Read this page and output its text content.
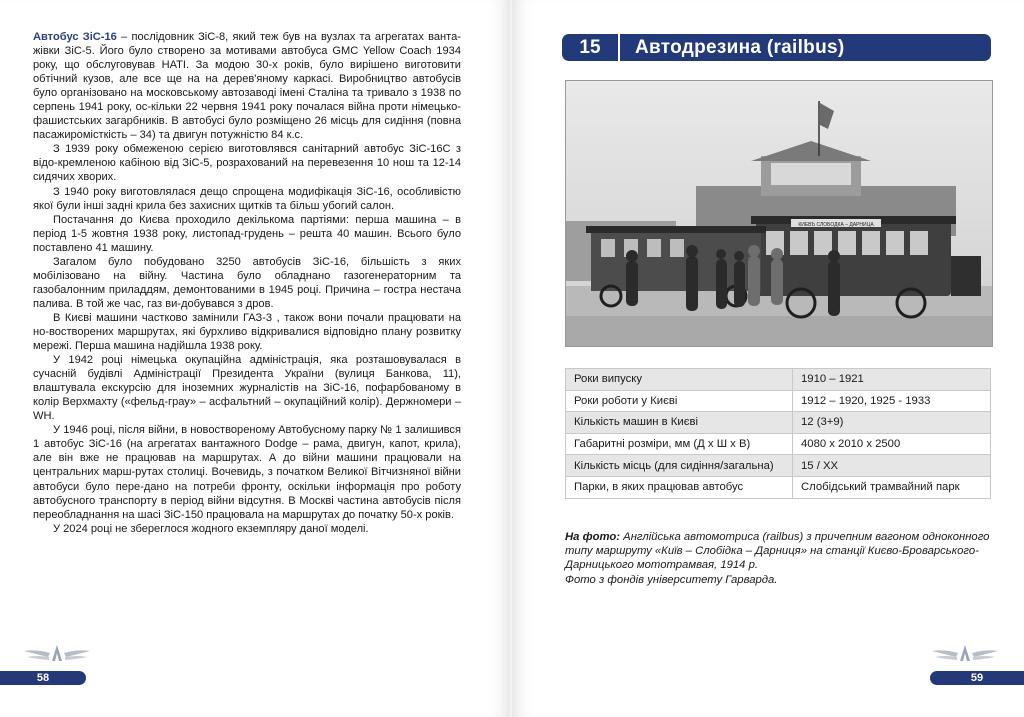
Автобус ЗіС-16 – послідовник ЗіС-8, який теж був на вузлах та агрегатах ванта-жівки ЗіС-5. Його було створено за мотивами автобуса GMC Yellow Coach 1934 року, що обслуговував НАТІ. За модою 30-х років, було вирішено виготовити обтічний кузов, але все ще на на дерев'яному каркасі. Виробництво автобусів було організовано на московському автозаводі імені Сталіна та тривало з 1938 по серпень 1941 року, ос-кільки 22 червня 1941 року почалася війна проти німецько-фашистських загарбників. В автобусі було розміщено 26 місць для сидіння (повна пасажиромісткість – 34) та двигун потужністю 84 к.с.

З 1939 року обмеженою серією виготовлявся санітарний автобус ЗіС-16С з відо-кремленою кабіною від ЗіС-5, розрахований на перевезення 10 нош та 12-14 сидячих хворих.

З 1940 року виготовлялася дещо спрощена модифікація ЗіС-16, особливістю якої були інші задні крила без захисних щитків та більш убогий салон.

Постачання до Києва проходило декількома партіями: перша машина – в період 1-5 жовтня 1938 року, листопад-грудень – решта 40 машин. Всього було поставлено 41 машину.

Загалом було побудовано 3250 автобусів ЗіС-16, більшість з яких мобілізовано на війну. Частина було обладнано газогенераторним та газобалонним приладдям, демонтованими в 1945 році. Причина – гостра нестача палива. В той же час, газ ви-добувався з дров.

В Києві машини частково замінили ГАЗ-3 , також вони почали працювати на но-востворених маршрутах, які бурхливо відкривалися відповідно плану розвитку мережі. Перша машина надійшла 1938 року.

У 1942 році німецька окупаційна адміністрація, яка розташовувалася в сучасній будівлі Адміністрації Президента України (вулиця Банкова, 11), влаштувала екскурсію для іноземних журналістів на ЗіС-16, пофарбованому в колір Верхмахту («фельд-грау» – асфальтний – окупаційний колір). Держномери – WH.

У 1946 році, після війни, в новоствореному Автобусному парку № 1 залишився 1 автобус ЗіС-16 (на агрегатах вантажного Dodge – рама, двигун, капот, крила), але він вже не працював на маршрутах. А до війни машини працювали на центральних марш-рутах столиці. Вочевидь, з початком Великої Вітчизняної війни автобуси було пере-дано на потреби фронту, оскільки інформація про роботу автобусного транспорту в період війни відсутня. В Москві частина автобусів після переобладнання на шасі ЗіС-150 працювала на маршрутах до початку 50-х років.

У 2024 році не збереглося жодного екземпляру даної моделі.

58
15	Автодрезина (railbus)
КИЕВЪ СЛОБОДКА – ДАРНИЦА
Роки випуску	1910 – 1921
Роки роботи у Києві	1912 – 1920, 1925 - 1933
Кількість машин в Києві	12 (3+9)
Габаритні розміри, мм (Д х Ш х В)	4080 х 2010 х 2500
Кількість місць (для сидіння/загальна)	15 / ХХ
Парки, в яких працював автобус	Слобідський трамвайний парк
На фото: Англійська автомотриса (railbus) з причепним вагоном одноконного типу маршруту «Київ – Слобідка – Дарниця» на станції Києво-Броварського-Дарницького мототрамвая, 1914 р.
Фото з фондів університету Гарварда.
59
